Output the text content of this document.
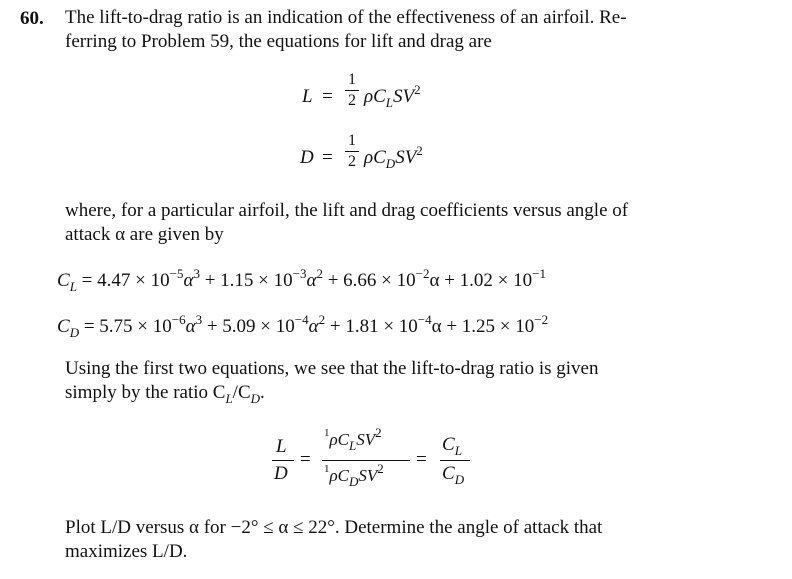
60. The lift-to-drag ratio is an indication of the effectiveness of an airfoil. Re-
ferring to Problem 59, the equations for lift and drag are
L =
1
2 $\rho C_LSV^2$
D =
1
2 $\rho C_DSV^2$
where, for a particular airfoil, the lift and drag coefficients versus angle of
attack α are given by
$C_L = 4.47 \times 10^{-5}\alpha^3 + 1.15 \times 10^{-3}\alpha^2 + 6.66 \times 10^{-2}\alpha + 1.02 \times 10^{-1}$
$C_D = 5.75 \times 10^{-6}\alpha^3 + 5.09 \times 10^{-4}\alpha^2 + 1.81 \times 10^{-4}\alpha + 1.25 \times 10^{-2}$
Using the first two equations, we see that the lift-to-drag ratio is given
simply by the ratio $C_L/C_D$.
L
D
=
$^1\rho C_LSV^2$
$^1\rho C_DSV^2$ =
$C_L$
$C_D$
Plot L/D versus α for −2° ≤ α ≤ 22°. Determine the angle of attack that
maximizes L/D.
